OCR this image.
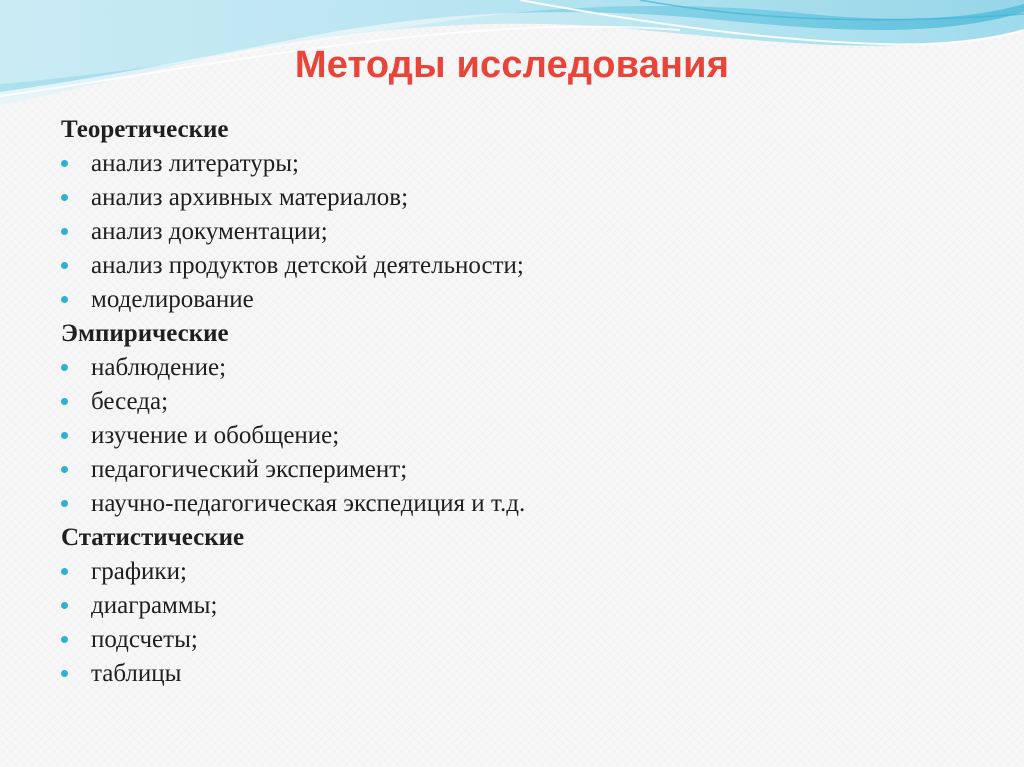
Методы исследования
Теоретические
анализ литературы;
анализ архивных материалов;
анализ документации;
анализ продуктов детской деятельности;
моделирование
Эмпирические
наблюдение;
беседа;
изучение и обобщение;
педагогический эксперимент;
научно-педагогическая экспедиция и т.д.
Статистические
графики;
диаграммы;
подсчеты;
таблицы
